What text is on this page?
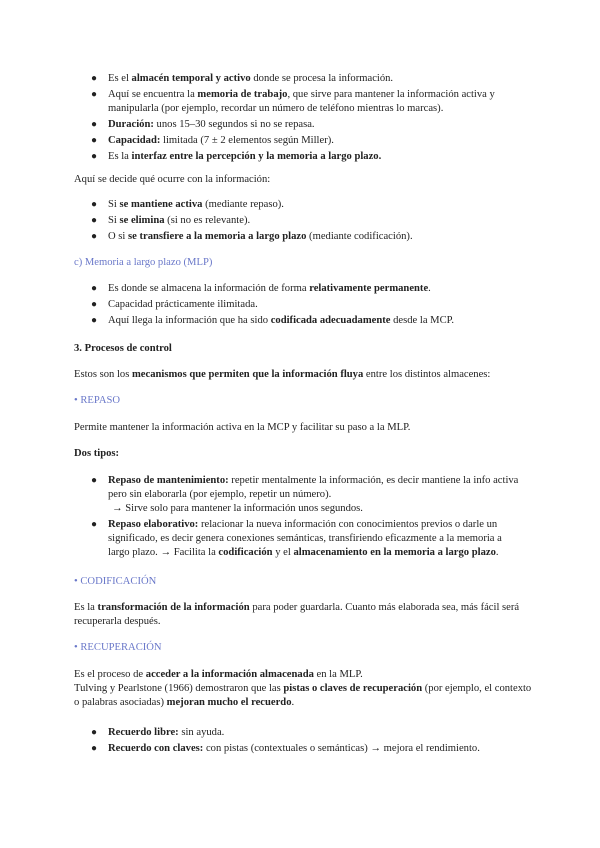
● Es el almacén temporal y activo donde se procesa la información.
● Aquí se encuentra la memoria de trabajo, que sirve para mantener la información activa y manipularla (por ejemplo, recordar un número de teléfono mientras lo marcas).
● Duración: unos 15–30 segundos si no se repasa.
● Capacidad: limitada (7 ± 2 elementos según Miller).
● Es la interfaz entre la percepción y la memoria a largo plazo.

Aquí se decide qué ocurre con la información:

● Si se mantiene activa (mediante repaso).
● Si se elimina (si no es relevante).
● O si se transfiere a la memoria a largo plazo (mediante codificación).

c) Memoria a largo plazo (MLP)

● Es donde se almacena la información de forma relativamente permanente.
● Capacidad prácticamente ilimitada.
● Aquí llega la información que ha sido codificada adecuadamente desde la MCP.

3. Procesos de control

Estos son los mecanismos que permiten que la información fluya entre los distintos almacenes:

• REPASO

Permite mantener la información activa en la MCP y facilitar su paso a la MLP.

Dos tipos:

● Repaso de mantenimiento: repetir mentalmente la información, es decir mantiene la info activa pero sin elaborarla (por ejemplo, repetir un número).
→ Sirve solo para mantener la información unos segundos.
● Repaso elaborativo: relacionar la nueva información con conocimientos previos o darle un significado, es decir genera conexiones semánticas, transfiriendo eficazmente a la memoria a largo plazo. → Facilita la codificación y el almacenamiento en la memoria a largo plazo.

• CODIFICACIÓN

Es la transformación de la información para poder guardarla. Cuanto más elaborada sea, más fácil será recuperarla después.

• RECUPERACIÓN

Es el proceso de acceder a la información almacenada en la MLP.

Tulving y Pearlstone (1966) demostraron que las pistas o claves de recuperación (por ejemplo, el contexto o palabras asociadas) mejoran mucho el recuerdo.

● Recuerdo libre: sin ayuda.
● Recuerdo con claves: con pistas (contextuales o semánticas) → mejora el rendimiento.
